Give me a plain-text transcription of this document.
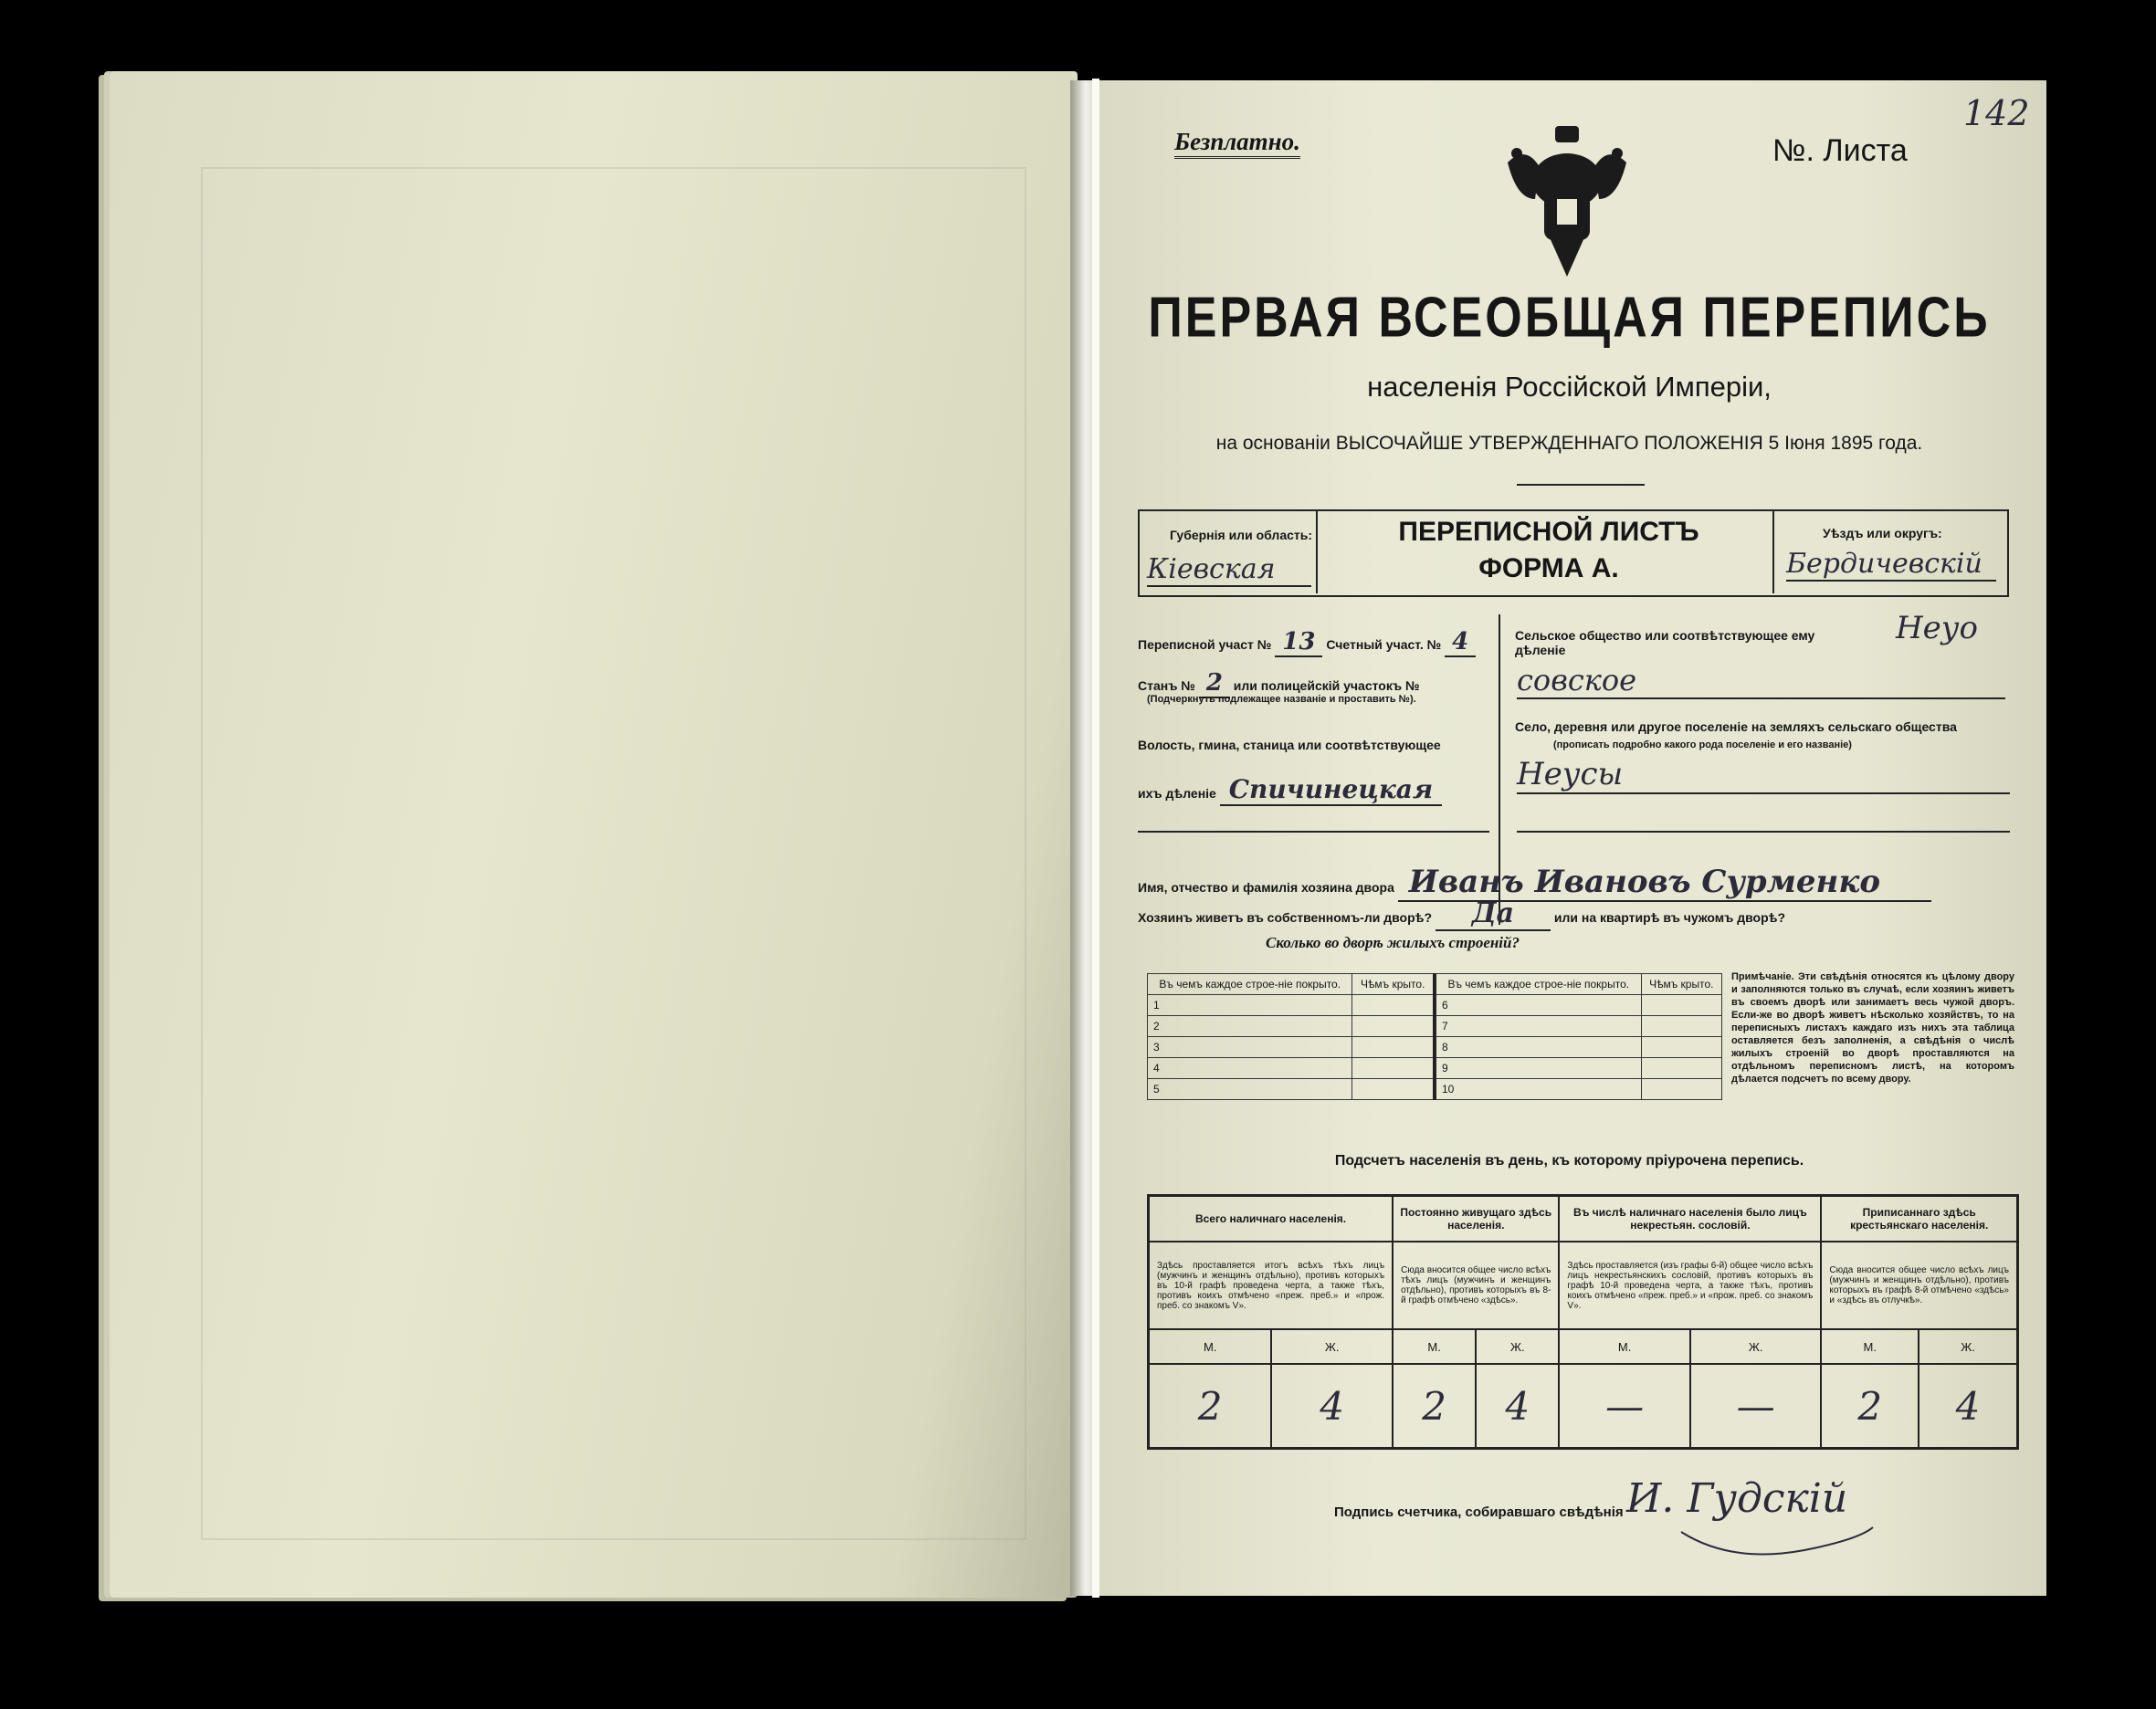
Безплатно.	№. Листа
142
ПЕРВАЯ ВСЕОБЩАЯ ПЕРЕПИСЬ
населенія Россійской Имперіи,
на основаніи ВЫСОЧАЙШЕ УТВЕРЖДЕННАГО ПОЛОЖЕНІЯ 5 Іюня 1895 года.
Губернія или область:
Кіевская
ПЕРЕПИСНОЙ ЛИСТЪ
ФОРМА А.
Уѣздъ или округъ:
Бердичевскій
Переписной участ № 13 Счетный участ. № 4
Станъ № 2 или полицейскій участокъ №
(Подчеркнуть подлежащее названіе и проставить №).
Волость, гмина, станица или соотвѣтствующее
ихъ дѣленіе Спичинецкая
Сельское общество или соотвѣтствующее ему дѣленіе
Неуо
совское
Село, деревня или другое поселеніе на земляхъ сельскаго общества
(прописать подробно какого рода поселеніе и его названіе)
Неусы
Имя, отчество и фамилія хозяина двора Иванъ Ивановъ Сурменко
Хозяинъ живетъ въ собственномъ-ли дворѣ? Да	или на квартирѣ въ чужомъ дворѣ?
Сколько во дворѣ жилыхъ строеній?
Въ чемъ каждое строе-ніе покрыто.	Чѣмъ крыто.	Въ чемъ каждое строе-ніе покрыто.	Чѣмъ крыто.
1		6	
2		7	
3		8	
4		9	
5		10	
Примѣчаніе. Эти свѣдѣнія относятся къ цѣлому двору и заполняются только въ случаѣ, если хозяинъ живетъ въ своемъ дворѣ или занимаетъ весь чужой дворъ. Если-же во дворѣ живетъ нѣсколько хозяйствъ, то на переписныхъ листахъ каждаго изъ нихъ эта таблица оставляется безъ заполненія, а свѣдѣнія о числѣ жилыхъ строеній во дворѣ проставляются на отдѣльномъ переписномъ листѣ, на которомъ дѣлается подсчетъ по всему двору.
Подсчетъ населенія въ день, къ которому пріурочена перепись.
Всего наличнаго населенія.		Постоянно живущаго здѣсь населенія.		Въ числѣ наличнаго населенія было лицъ некрестьян. сословій.		Приписаннаго здѣсь крестьянскаго населенія.	
Здѣсь проставляется итогъ всѣхъ тѣхъ лицъ (мужчинъ и женщинъ отдѣльно), противъ которыхъ въ 10-й графѣ проведена черта, а также тѣхъ, противъ коихъ отмѣчено «преж. преб.» и «прож. преб. со знакомъ V».		Сюда вносится общее число всѣхъ тѣхъ лицъ (мужчинъ и женщинъ отдѣльно), противъ которыхъ въ 8-й графѣ отмѣчено «здѣсь».		Здѣсь проставляется (изъ графы 6-й) общее число всѣхъ лицъ некрестьянскихъ сословій, противъ которыхъ въ графѣ 10-й проведена черта, а также тѣхъ, противъ коихъ отмѣчено «преж. преб.» и «прож. преб. со знакомъ V».		Сюда вносится общее число всѣхъ лицъ (мужчинъ и женщинъ отдѣльно), противъ которыхъ въ графѣ 8-й отмѣчено «здѣсь» и «здѣсь въ отлучкѣ».	
М.	Ж.	М.	Ж.	М.	Ж.	М.	Ж.
2	4	2	4	—	—	2	4
Подпись счетчика, собиравшаго свѣдѣнія И. Гудскій
